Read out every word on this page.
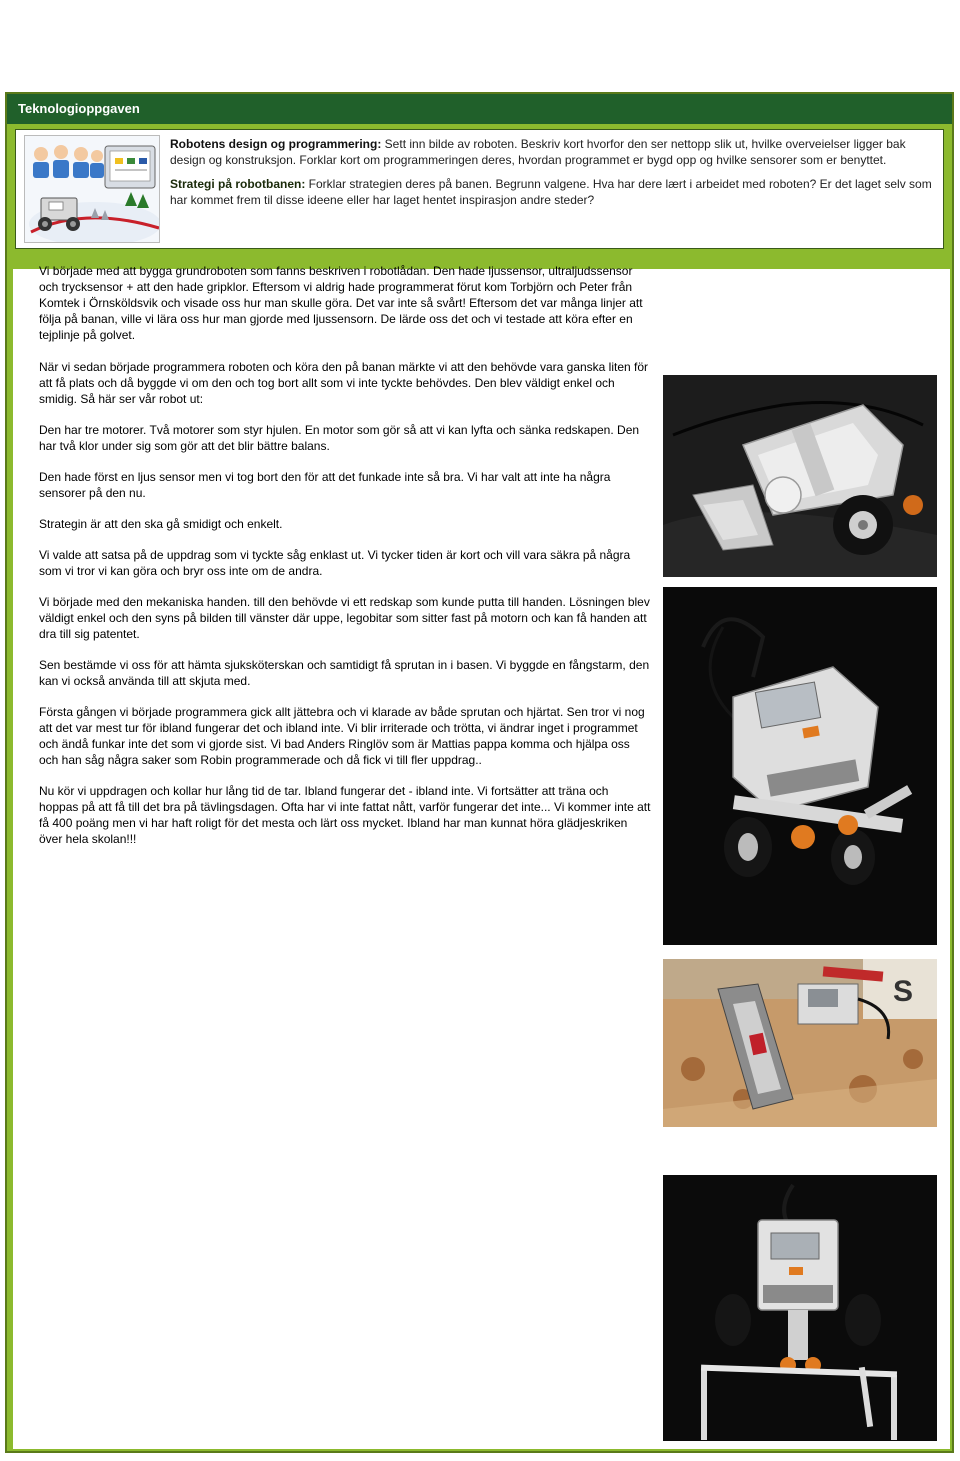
Teknologioppgaven

Robotens design og programmering: Sett inn bilde av roboten. Beskriv kort hvorfor den ser nettopp slik ut, hvilke overveielser ligger bak design og konstruksjon. Forklar kort om programmeringen deres, hvordan programmet er bygd opp og hvilke sensorer som er benyttet.

Strategi på robotbanen: Forklar strategien deres på banen. Begrunn valgene. Hva har dere lært i arbeidet med roboten? Er det laget selv som har kommet frem til disse ideene eller har laget hentet inspirasjon andre steder?

Vi började med att bygga grundroboten som fanns beskriven i robotlådan. Den hade ljussensor, ultraljudssensor och trycksensor + att den hade gripklor. Eftersom vi aldrig hade programmerat förut kom Torbjörn och Peter från Komtek i Örnsköldsvik och visade oss hur man skulle göra. Det var inte så svårt! Eftersom det var många linjer att följa på banan, ville vi lära oss hur man gjorde med ljussensorn. De lärde oss det och vi testade att köra efter en tejplinje på golvet.

När vi sedan började programmera roboten och köra den på banan märkte vi att den behövde vara ganska liten för att få plats och då byggde vi om den och tog bort allt som vi inte tyckte behövdes. Den blev väldigt enkel och smidig. Så här ser vår robot ut:

Den har tre motorer. Två motorer som styr hjulen. En motor som gör så att vi kan lyfta och sänka redskapen. Den har två klor under sig som gör att det blir bättre balans.

Den hade först en ljus sensor men vi tog bort den för att det funkade inte så bra. Vi har valt att inte ha några sensorer på den nu.

Strategin är att den ska gå smidigt och enkelt.

Vi valde att satsa på de uppdrag som vi tyckte såg enklast ut. Vi tycker tiden är kort och vill vara säkra på några som vi tror vi kan göra och bryr oss inte om de andra.

Vi började med den mekaniska handen. till den behövde vi ett redskap som kunde putta till handen. Lösningen blev väldigt enkel och den syns på bilden till vänster där uppe, legobitar som sitter fast på motorn och kan få handen att dra till sig patentet.

Sen bestämde vi oss för att hämta sjuksköterskan och samtidigt få sprutan in i basen. Vi byggde en fångstarm, den kan vi också använda till att skjuta med.

Första gången vi började programmera gick allt jättebra och vi klarade av både sprutan och hjärtat. Sen tror vi nog att det var mest tur för ibland fungerar det och ibland inte. Vi blir irriterade och trötta, vi ändrar inget i programmet och ändå funkar inte det som vi gjorde sist. Vi bad Anders Ringlöv som är Mattias pappa komma och hjälpa oss och han såg några saker som Robin programmerade och då fick vi till fler uppdrag..

Nu kör vi uppdragen och kollar hur lång tid de tar. Ibland fungerar det - ibland inte. Vi fortsätter att träna och hoppas på att få till det bra på tävlingsdagen. Ofta har vi inte fattat nått, varför fungerar det inte... Vi kommer inte att få 400 poäng men vi har haft roligt för det mesta och lärt oss mycket. Ibland har man kunnat höra glädjeskriken över hela skolan!!!

S
